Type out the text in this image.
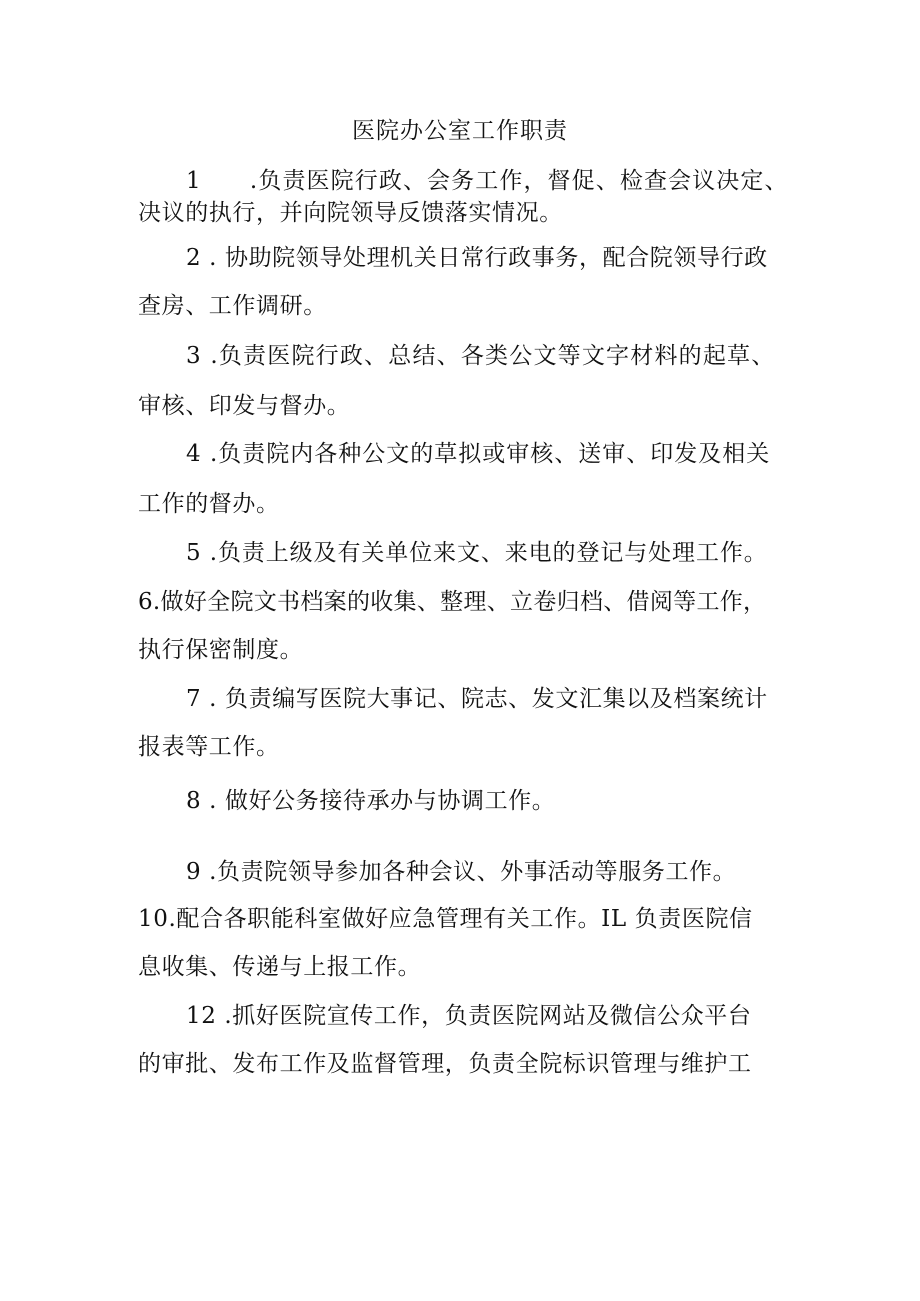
医院办公室工作职责
1　　.负责医院行政、会务工作，督促、检查会议决定、
决议的执行，并向院领导反馈落实情况。
2 . 协助院领导处理机关日常行政事务，配合院领导行政
查房、工作调研。
3 .负责医院行政、总结、各类公文等文字材料的起草、
审核、印发与督办。
4 .负责院内各种公文的草拟或审核、送审、印发及相关
工作的督办。
5 .负责上级及有关单位来文、来电的登记与处理工作。
6.做好全院文书档案的收集、整理、立卷归档、借阅等工作，
执行保密制度。
7 . 负责编写医院大事记、院志、发文汇集以及档案统计
报表等工作。
8 . 做好公务接待承办与协调工作。
9 .负责院领导参加各种会议、外事活动等服务工作。
10.配合各职能科室做好应急管理有关工作。IL 负责医院信
息收集、传递与上报工作。
12 .抓好医院宣传工作，负责医院网站及微信公众平台
的审批、发布工作及监督管理，负责全院标识管理与维护工
